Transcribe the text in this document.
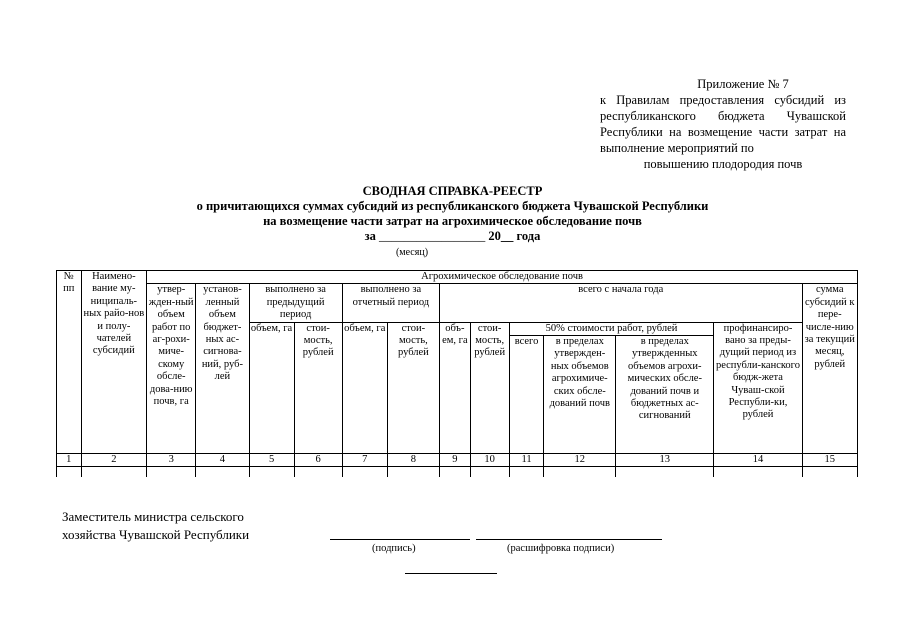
Приложение № 7
к Правилам предоставления субсидий из республиканского бюджета Чувашской Республики на возмещение части затрат на выполнение мероприятий по
повышению плодородия почв
СВОДНАЯ СПРАВКА-РЕЕСТР
о причитающихся суммах субсидий из республиканского бюджета Чувашской Республики
на возмещение части затрат на агрохимическое обследование почв
за _________________ 20__ года
(месяц)
№ пп	Наимено-вание му-ниципаль-ных райо-нов и полу-чателей субсидий	Агрохимическое обследование почв												
		утвер-жден-ный объем работ по аг-рохи-миче-скому обсле-дова-нию почв, га	установ-ленный объем бюджет-ных ас-сигнова-ний, руб-лей	выполнено за предыдущий период		выполнено за отчетный период		всего с начала года						сумма субсидий к пере-числе-нию за текущий месяц, рублей
				объем, га	стои-мость, рублей	объем, га	стои-мость, рублей	объ-ем, га	стои-мость, рублей	50% стоимости работ, рублей			профинансиро-вано за преды-дущий период из республи-канского бюдж-жета Чуваш-ской Республи-ки, рублей	
										всего	в пределах утвержден-ных объемов агрохимиче-ских обсле-дований почв	в пределах утвержденных объемов агрохи-мических обсле-дований почв и бюджетных ас-сигнований		
1	2	3	4	5	6	7	8	9	10	11	12	13	14	15

Заместитель министра сельского хозяйства Чувашской Республики
(подпись)	(расшифровка подписи)
